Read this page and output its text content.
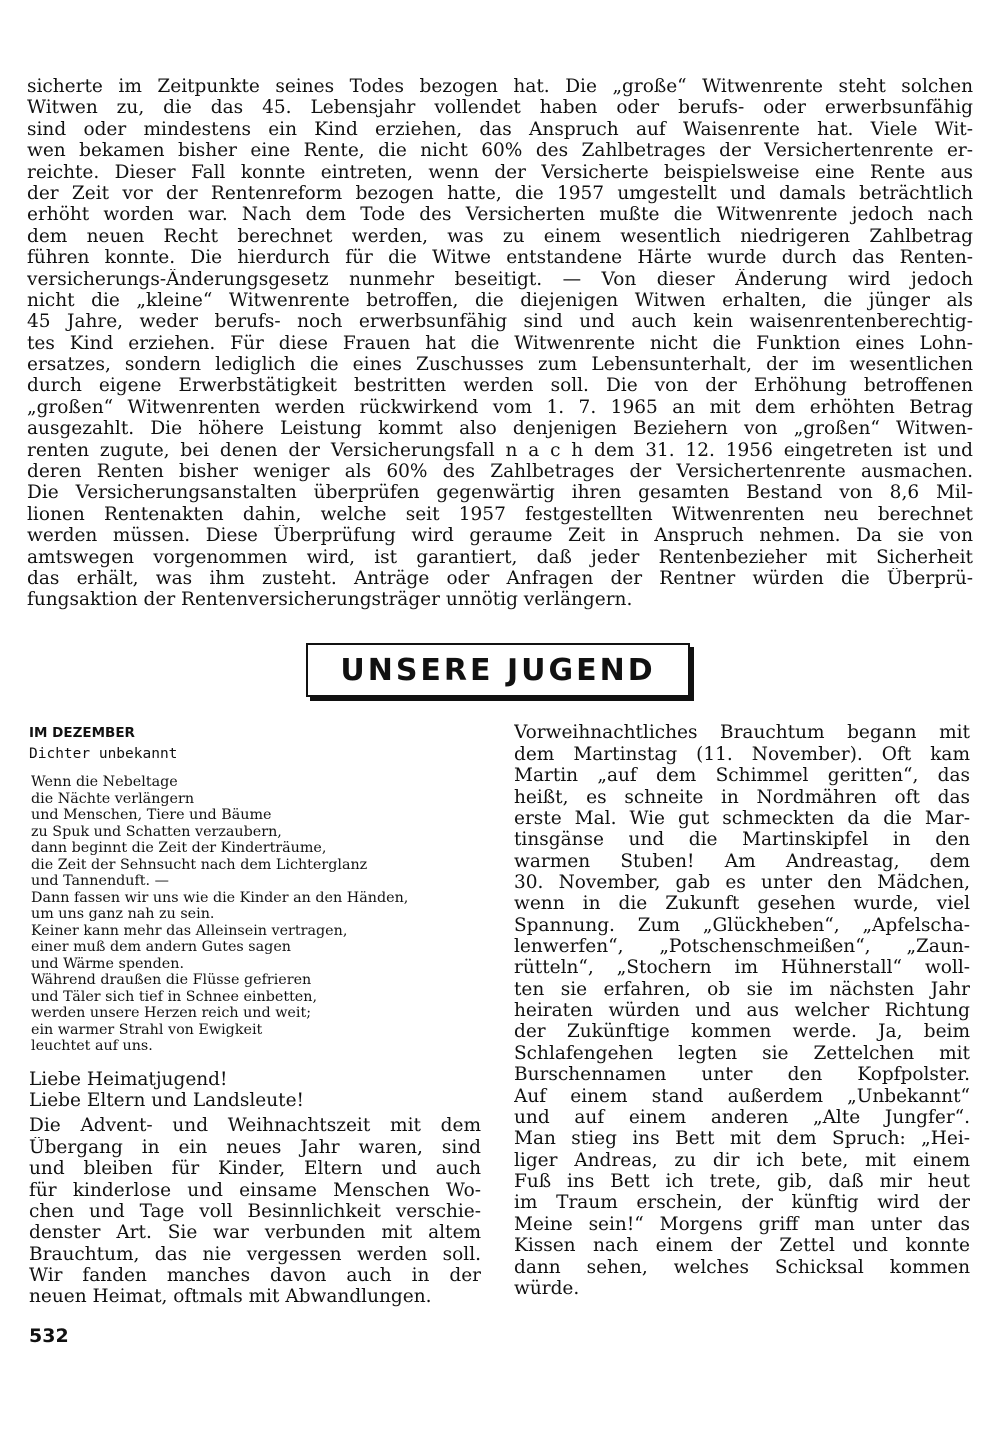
sicherte im Zeitpunkte seines Todes bezogen hat. Die „große“ Witwenrente steht solchen
Witwen zu, die das 45. Lebensjahr vollendet haben oder berufs- oder erwerbsunfähig
sind oder mindestens ein Kind erziehen, das Anspruch auf Waisenrente hat. Viele Wit-
wen bekamen bisher eine Rente, die nicht 60% des Zahlbetrages der Versichertenrente er-
reichte. Dieser Fall konnte eintreten, wenn der Versicherte beispielsweise eine Rente aus
der Zeit vor der Rentenreform bezogen hatte, die 1957 umgestellt und damals beträchtlich
erhöht worden war. Nach dem Tode des Versicherten mußte die Witwenrente jedoch nach
dem neuen Recht berechnet werden, was zu einem wesentlich niedrigeren Zahlbetrag
führen konnte. Die hierdurch für die Witwe entstandene Härte wurde durch das Renten-
versicherungs-Änderungsgesetz nunmehr beseitigt. — Von dieser Änderung wird jedoch
nicht die „kleine“ Witwenrente betroffen, die diejenigen Witwen erhalten, die jünger als
45 Jahre, weder berufs- noch erwerbsunfähig sind und auch kein waisenrentenberechtig-
tes Kind erziehen. Für diese Frauen hat die Witwenrente nicht die Funktion eines Lohn-
ersatzes, sondern lediglich die eines Zuschusses zum Lebensunterhalt, der im wesentlichen
durch eigene Erwerbstätigkeit bestritten werden soll. Die von der Erhöhung betroffenen
„großen“ Witwenrenten werden rückwirkend vom 1. 7. 1965 an mit dem erhöhten Betrag
ausgezahlt. Die höhere Leistung kommt also denjenigen Beziehern von „großen“ Witwen-
renten zugute, bei denen der Versicherungsfall n a c h dem 31. 12. 1956 eingetreten ist und
deren Renten bisher weniger als 60% des Zahlbetrages der Versichertenrente ausmachen.
Die Versicherungsanstalten überprüfen gegenwärtig ihren gesamten Bestand von 8,6 Mil-
lionen Rentenakten dahin, welche seit 1957 festgestellten Witwenrenten neu berechnet
werden müssen. Diese Überprüfung wird geraume Zeit in Anspruch nehmen. Da sie von
amtswegen vorgenommen wird, ist garantiert, daß jeder Rentenbezieher mit Sicherheit
das erhält, was ihm zusteht. Anträge oder Anfragen der Rentner würden die Überprü-
fungsaktion der Rentenversicherungsträger unnötig verlängern.
UNSERE JUGEND
IM DEZEMBER
Dichter unbekannt
Wenn die Nebeltage
die Nächte verlängern
und Menschen, Tiere und Bäume
zu Spuk und Schatten verzaubern,
dann beginnt die Zeit der Kinderträume,
die Zeit der Sehnsucht nach dem Lichterglanz
und Tannenduft. —
Dann fassen wir uns wie die Kinder an den Händen,
um uns ganz nah zu sein.
Keiner kann mehr das Alleinsein vertragen,
einer muß dem andern Gutes sagen
und Wärme spenden.
Während draußen die Flüsse gefrieren
und Täler sich tief in Schnee einbetten,
werden unsere Herzen reich und weit;
ein warmer Strahl von Ewigkeit
leuchtet auf uns.
Liebe Heimatjugend!
Liebe Eltern und Landsleute!
Die Advent- und Weihnachtszeit mit dem
Übergang in ein neues Jahr waren, sind
und bleiben für Kinder, Eltern und auch
für kinderlose und einsame Menschen Wo-
chen und Tage voll Besinnlichkeit verschie-
denster Art. Sie war verbunden mit altem
Brauchtum, das nie vergessen werden soll.
Wir fanden manches davon auch in der
neuen Heimat, oftmals mit Abwandlungen.
Vorweihnachtliches Brauchtum begann mit
dem Martinstag (11. November). Oft kam
Martin „auf dem Schimmel geritten“, das
heißt, es schneite in Nordmähren oft das
erste Mal. Wie gut schmeckten da die Mar-
tinsgänse und die Martinskipfel in den
warmen Stuben! Am Andreastag, dem
30. November, gab es unter den Mädchen,
wenn in die Zukunft gesehen wurde, viel
Spannung. Zum „Glückheben“, „Apfelscha-
lenwerfen“, „Potschenschmeißen“, „Zaun-
rütteln“, „Stochern im Hühnerstall“ woll-
ten sie erfahren, ob sie im nächsten Jahr
heiraten würden und aus welcher Richtung
der Zukünftige kommen werde. Ja, beim
Schlafengehen legten sie Zettelchen mit
Burschennamen unter den Kopfpolster.
Auf einem stand außerdem „Unbekannt“
und auf einem anderen „Alte Jungfer“.
Man stieg ins Bett mit dem Spruch: „Hei-
liger Andreas, zu dir ich bete, mit einem
Fuß ins Bett ich trete, gib, daß mir heut
im Traum erschein, der künftig wird der
Meine sein!“ Morgens griff man unter das
Kissen nach einem der Zettel und konnte
dann sehen, welches Schicksal kommen
würde.
532
